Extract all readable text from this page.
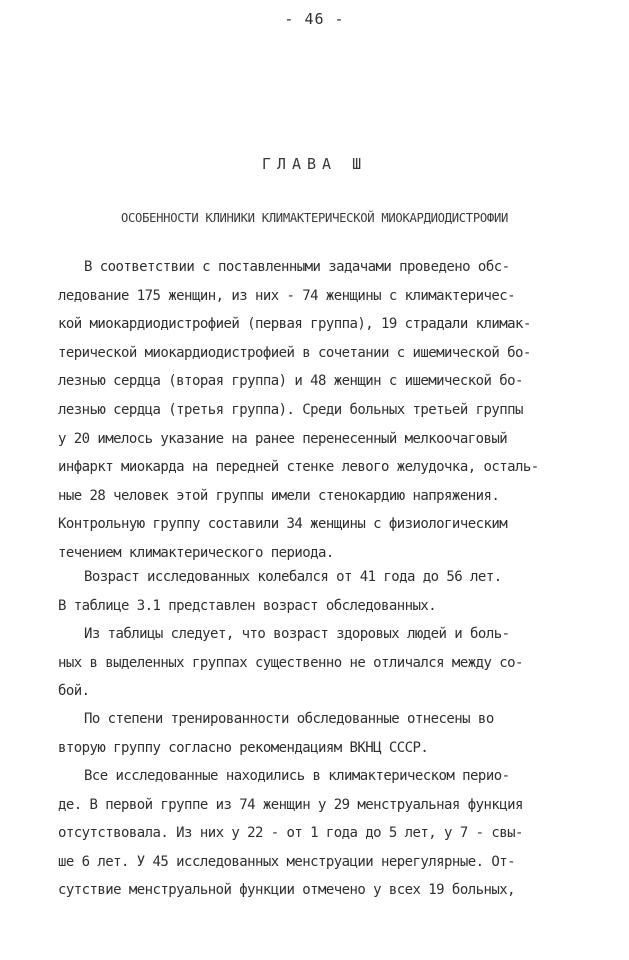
- 46 -
ГЛАВА Ш
ОСОБЕННОСТИ КЛИНИКИ КЛИМАКТЕРИЧЕСКОЙ МИОКАРДИОДИСТРОФИИ
В соответствии с поставленными задачами проведено обс-
ледование 175 женщин, из них - 74 женщины с климактеричес-
кой миокардиодистрофией (первая группа), 19 страдали климак-
терической миокардиодистрофией в сочетании с ишемической бо-
лезнью сердца (вторая группа) и 48 женщин с ишемической бо-
лезнью сердца (третья группа). Среди больных третьей группы
у 20 имелось указание на ранее перенесенный мелкоочаговый
инфаркт миокарда на передней стенке левого желудочка, осталь-
ные 28 человек этой группы имели стенокардию напряжения.
Контрольную группу составили 34 женщины с физиологическим
течением климактерического периода.
Возраст исследованных колебался от 41 года до 56 лет.
В таблице 3.1 представлен возраст обследованных.
Из таблицы следует, что возраст здоровых людей и боль-
ных в выделенных группах существенно не отличался между со-
бой.
По степени тренированности обследованные отнесены во
вторую группу согласно рекомендациям ВКНЦ СССР.
Все исследованные находились в климактерическом перио-
де. В первой группе из 74 женщин у 29 менструальная функция
отсутствовала. Из них у 22 - от 1 года до 5 лет, у 7 - свы-
ше 6 лет. У 45 исследованных менструации нерегулярные. От-
сутствие менструальной функции отмечено у всех 19 больных,
